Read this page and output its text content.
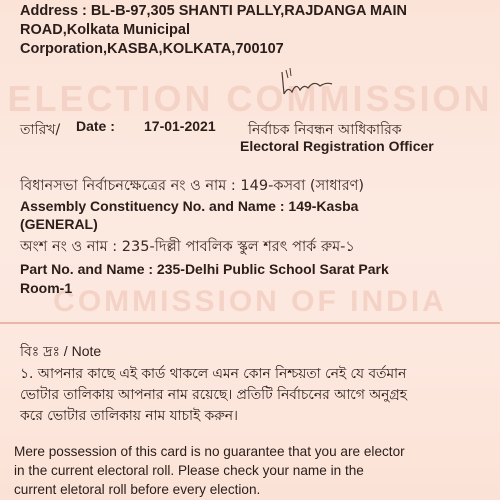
ELECTION COMMISSION
COMMISSION OF INDIA
Address : BL-B-97,305 SHANTI PALLY,RAJDANGA MAIN
ROAD,Kolkata Municipal
Corporation,KASBA,KOLKATA,700107
তারিখ/ Date : 17-01-2021 নির্বাচক নিবন্ধন আধিকারিক
Electoral Registration Officer
বিধানসভা নির্বাচনক্ষেত্রের নং ও নাম : 149-কসবা (সাধারণ)
Assembly Constituency No. and Name : 149-Kasba
(GENERAL)
অংশ নং ও নাম : 235-দিল্লী পাবলিক স্কুল শরৎ পার্ক রুম-১
Part No. and Name : 235-Delhi Public School Sarat Park
Room-1
বিঃ দ্রঃ / Note
১. আপনার কাছে এই কার্ড থাকলে এমন কোন নিশ্চয়তা নেই যে বর্তমান
ভোটার তালিকায় আপনার নাম রয়েছে। প্রতিটি নির্বাচনের আগে অনুগ্রহ
করে ভোটার তালিকায় নাম যাচাই করুন।
Mere possession of this card is no guarantee that you are elector
in the current electoral roll. Please check your name in the
current eletoral roll before every election.
